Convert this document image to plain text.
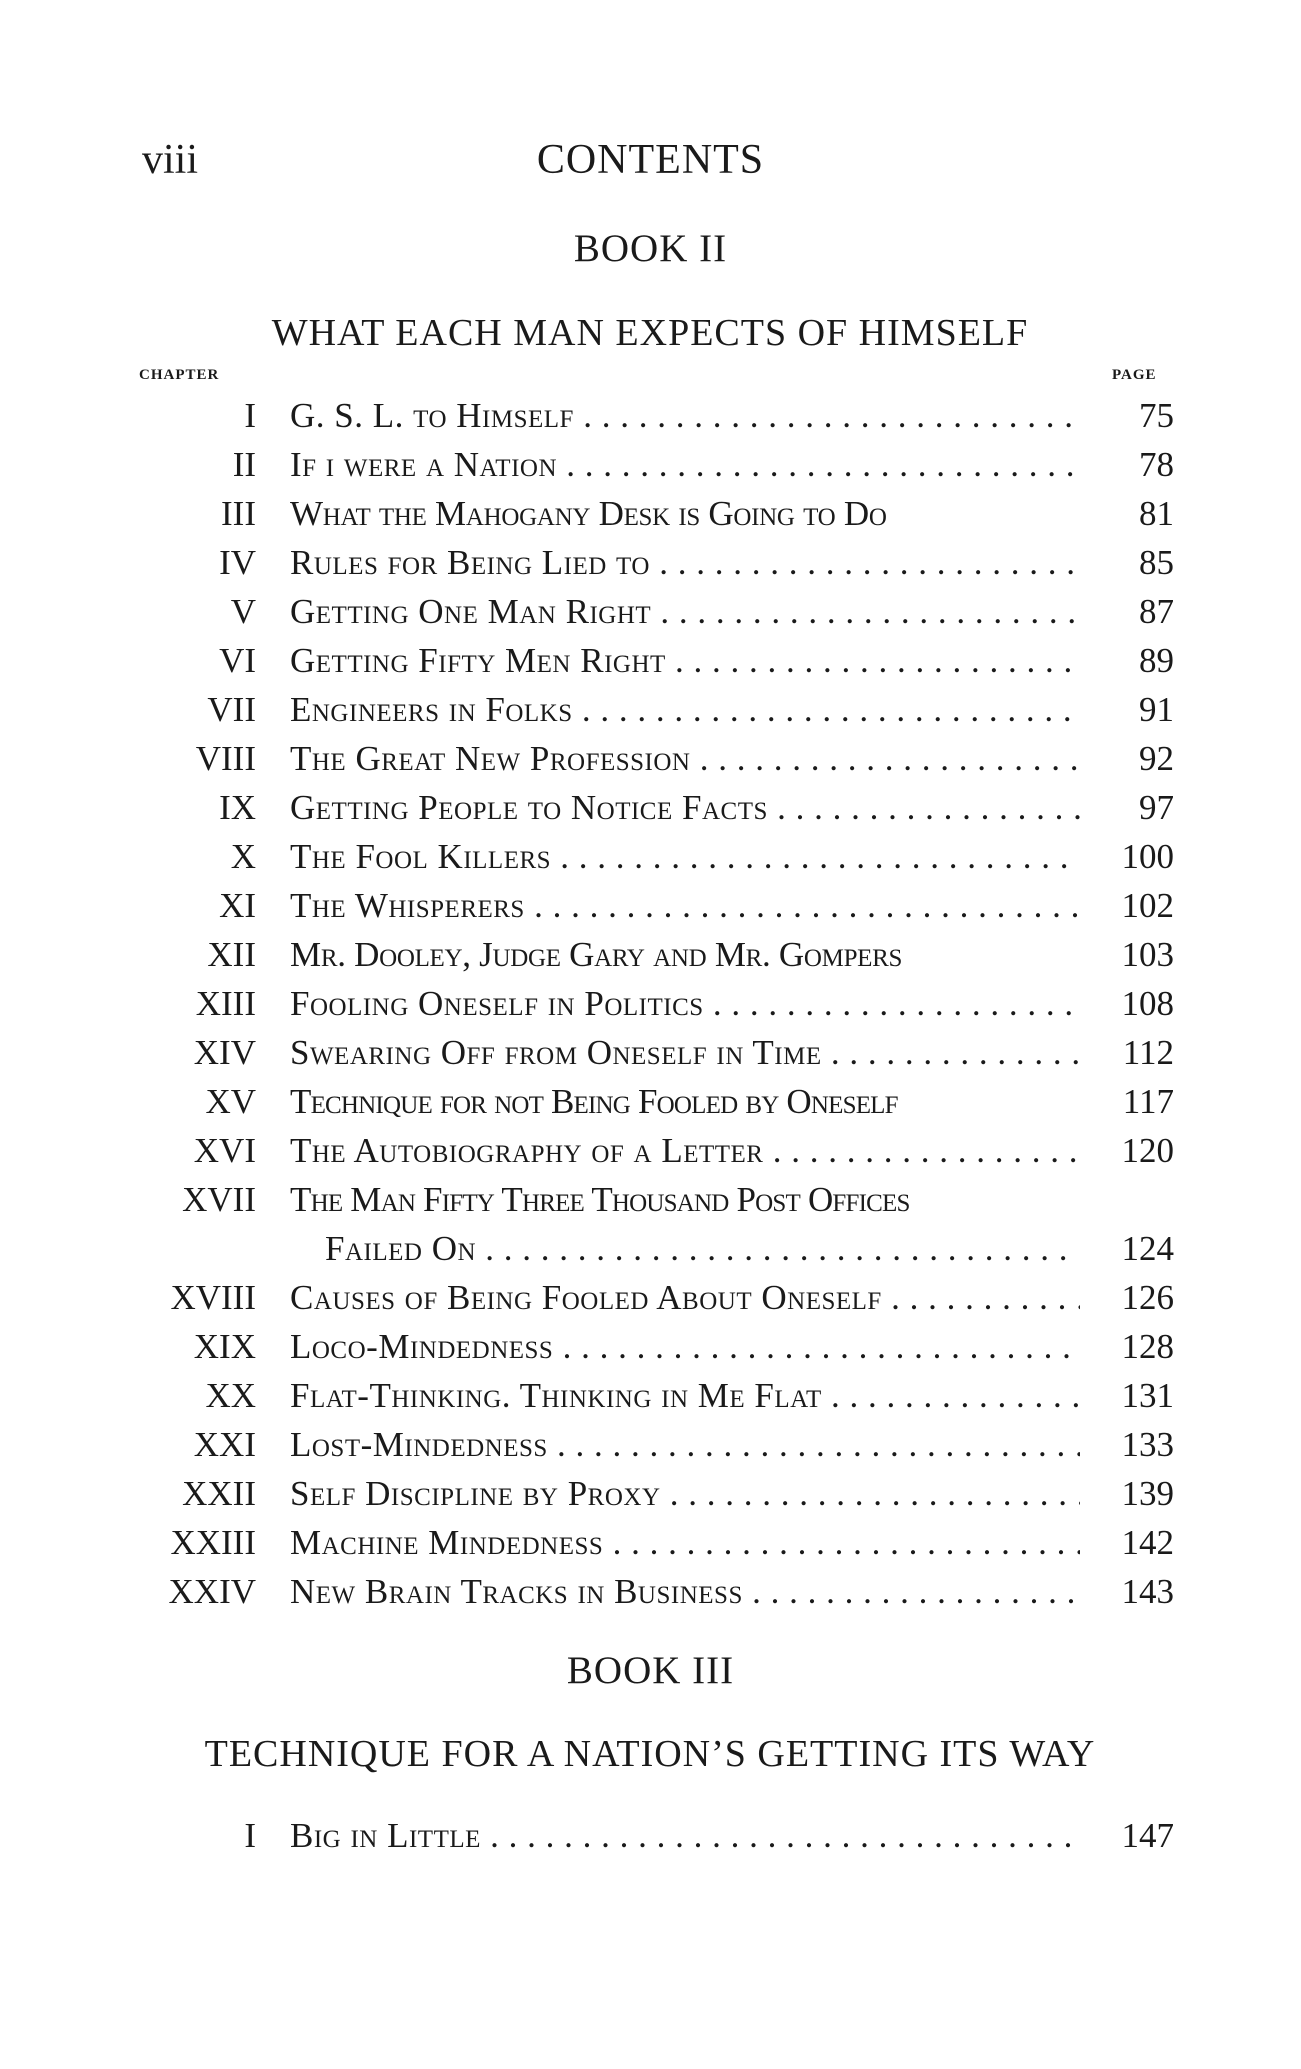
viii	CONTENTS
BOOK II
WHAT EACH MAN EXPECTS OF HIMSELF
CHAPTER	PAGE
I G. S. L. to Himself . .	75
II If i were a Nation . .	78
III What the Mahogany Desk is Going to Do	81
IV Rules for Being Lied to . .	85
V Getting One Man Right . .	87
VI Getting Fifty Men Right . .	89
VII Engineers in Folks . .	91
VIII The Great New Profession . .	92
IX Getting People to Notice Facts . .	97
X The Fool Killers . .	100
XI The Whisperers . .	102
XII Mr. Dooley, Judge Gary and Mr. Gompers	103
XIII Fooling Oneself in Politics . .	108
XIV Swearing Off from Oneself in Time . .	112
XV Technique for not Being Fooled by Oneself	117
XVI The Autobiography of a Letter . .	120
XVII The Man Fifty Three Thousand Post Offices
Failed On . .	124
XVIII Causes of Being Fooled About Oneself . .	126
XIX Loco-Mindedness . .	128
XX Flat-Thinking. Thinking in Me Flat . .	131
XXI Lost-Mindedness . .	133
XXII Self Discipline by Proxy . .	139
XXIII Machine Mindedness . .	142
XXIV New Brain Tracks in Business . .	143
BOOK III
TECHNIQUE FOR A NATION’S GETTING ITS WAY
I Big in Little . .	147
